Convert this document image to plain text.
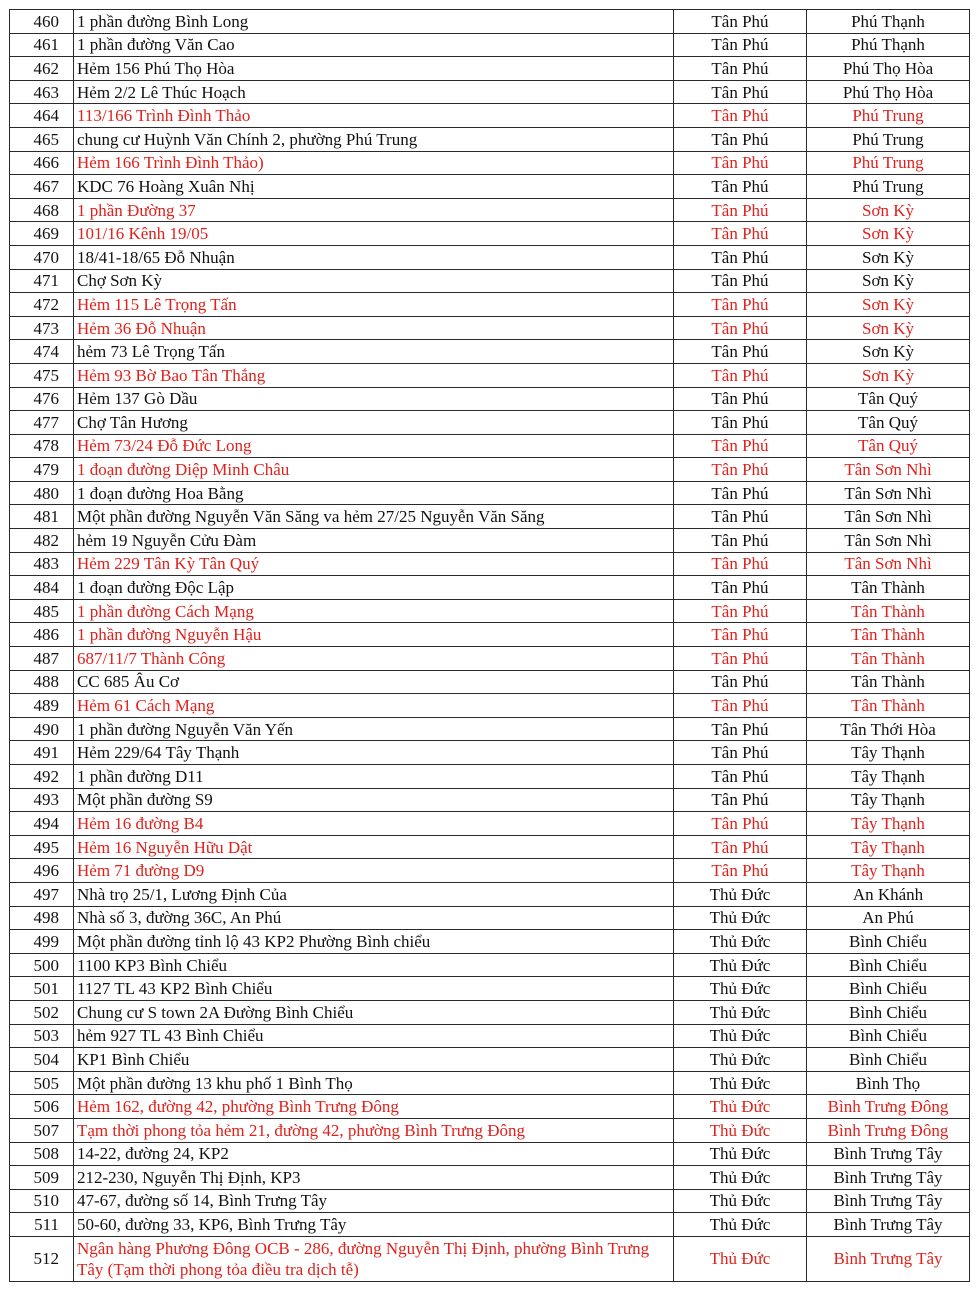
460	1 phần đường Bình Long	Tân Phú	Phú Thạnh
461	1 phần đường Văn Cao	Tân Phú	Phú Thạnh
462	Hẻm 156 Phú Thọ Hòa	Tân Phú	Phú Thọ Hòa
463	Hẻm 2/2 Lê Thúc Hoạch	Tân Phú	Phú Thọ Hòa
464	113/166 Trình Đình Thảo	Tân Phú	Phú Trung
465	chung cư Huỳnh Văn Chính 2, phường Phú Trung	Tân Phú	Phú Trung
466	Hẻm 166 Trình Đình Thảo)	Tân Phú	Phú Trung
467	KDC 76 Hoàng Xuân Nhị	Tân Phú	Phú Trung
468	1 phần Đường 37	Tân Phú	Sơn Kỳ
469	101/16 Kênh 19/05	Tân Phú	Sơn Kỳ
470	18/41-18/65 Đỗ Nhuận	Tân Phú	Sơn Kỳ
471	Chợ Sơn Kỳ	Tân Phú	Sơn Kỳ
472	Hẻm 115 Lê Trọng Tấn	Tân Phú	Sơn Kỳ
473	Hẻm 36 Đỗ Nhuận	Tân Phú	Sơn Kỳ
474	hẻm 73 Lê Trọng Tấn	Tân Phú	Sơn Kỳ
475	Hẻm 93 Bờ Bao Tân Thắng	Tân Phú	Sơn Kỳ
476	Hẻm 137 Gò Dầu	Tân Phú	Tân Quý
477	Chợ Tân Hương	Tân Phú	Tân Quý
478	Hẻm 73/24 Đỗ Đức Long	Tân Phú	Tân Quý
479	1 đoạn đường Diệp Minh Châu	Tân Phú	Tân Sơn Nhì
480	1 đoạn đường Hoa Bằng	Tân Phú	Tân Sơn Nhì
481	Một phần đường Nguyễn Văn Săng va hẻm 27/25 Nguyễn Văn Săng	Tân Phú	Tân Sơn Nhì
482	hẻm 19 Nguyễn Cửu Đàm	Tân Phú	Tân Sơn Nhì
483	Hẻm 229 Tân Kỳ Tân Quý	Tân Phú	Tân Sơn Nhì
484	1 đoạn đường Độc Lập	Tân Phú	Tân Thành
485	1 phần đường Cách Mạng	Tân Phú	Tân Thành
486	1 phần đường Nguyễn Hậu	Tân Phú	Tân Thành
487	687/11/7 Thành Công	Tân Phú	Tân Thành
488	CC 685 Âu Cơ	Tân Phú	Tân Thành
489	Hẻm 61 Cách Mạng	Tân Phú	Tân Thành
490	1 phần đường Nguyễn Văn Yến	Tân Phú	Tân Thới Hòa
491	Hẻm 229/64 Tây Thạnh	Tân Phú	Tây Thạnh
492	1 phần đường D11	Tân Phú	Tây Thạnh
493	Một phần đường S9	Tân Phú	Tây Thạnh
494	Hẻm 16 đường B4	Tân Phú	Tây Thạnh
495	Hẻm 16 Nguyễn Hữu Dật	Tân Phú	Tây Thạnh
496	Hẻm 71 đường D9	Tân Phú	Tây Thạnh
497	Nhà trọ 25/1, Lương Định Của	Thủ Đức	An Khánh
498	Nhà số 3, đường 36C, An Phú	Thủ Đức	An Phú
499	Một phần đường tỉnh lộ 43 KP2 Phường Bình chiểu	Thủ Đức	Bình Chiểu
500	1100 KP3 Bình Chiểu	Thủ Đức	Bình Chiểu
501	1127 TL 43 KP2 Bình Chiểu	Thủ Đức	Bình Chiểu
502	Chung cư S town 2A Đường Bình Chiểu	Thủ Đức	Bình Chiểu
503	hẻm 927 TL 43 Bình Chiểu	Thủ Đức	Bình Chiểu
504	KP1 Bình Chiểu	Thủ Đức	Bình Chiểu
505	Một phần đường 13 khu phố 1 Bình Thọ	Thủ Đức	Bình Thọ
506	Hẻm 162, đường 42, phường Bình Trưng Đông	Thủ Đức	Bình Trưng Đông
507	Tạm thời phong tỏa hẻm 21, đường 42, phường Bình Trưng Đông	Thủ Đức	Bình Trưng Đông
508	14-22, đường 24, KP2	Thủ Đức	Bình Trưng Tây
509	212-230, Nguyễn Thị Định, KP3	Thủ Đức	Bình Trưng Tây
510	47-67, đường số 14, Bình Trưng Tây	Thủ Đức	Bình Trưng Tây
511	50-60, đường 33, KP6, Bình Trưng Tây	Thủ Đức	Bình Trưng Tây
512	Ngân hàng Phương Đông OCB - 286, đường Nguyễn Thị Định, phường Bình Trưng Tây (Tạm thời phong tỏa điều tra dịch tễ)	Thủ Đức	Bình Trưng Tây
